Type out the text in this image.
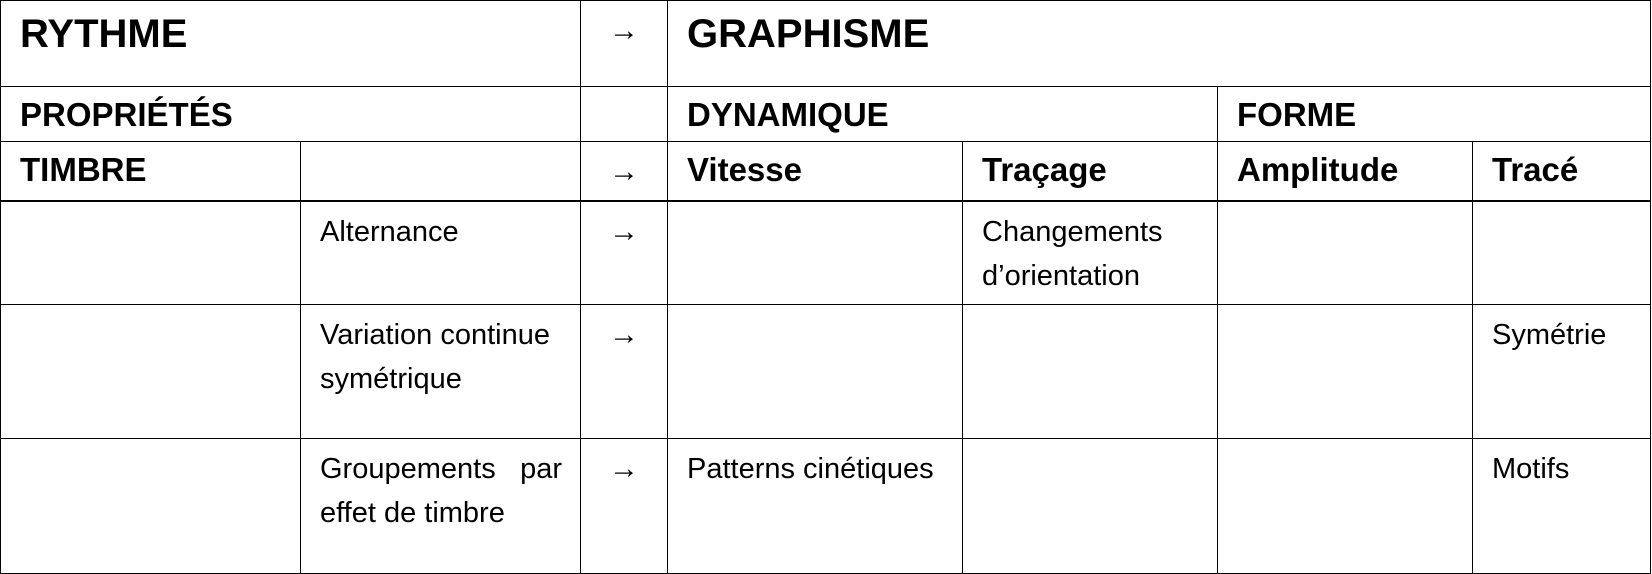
RYTHME		→	GRAPHISME			
PROPRIÉTÉS			DYNAMIQUE		FORME	
TIMBRE		→	Vitesse	Traçage	Amplitude	Tracé
	Alternance	→		Changements d’orientation		
	Variation continue symétrique	→				Symétrie
	Groupements par effet de timbre	→	Patterns cinétiques			Motifs
